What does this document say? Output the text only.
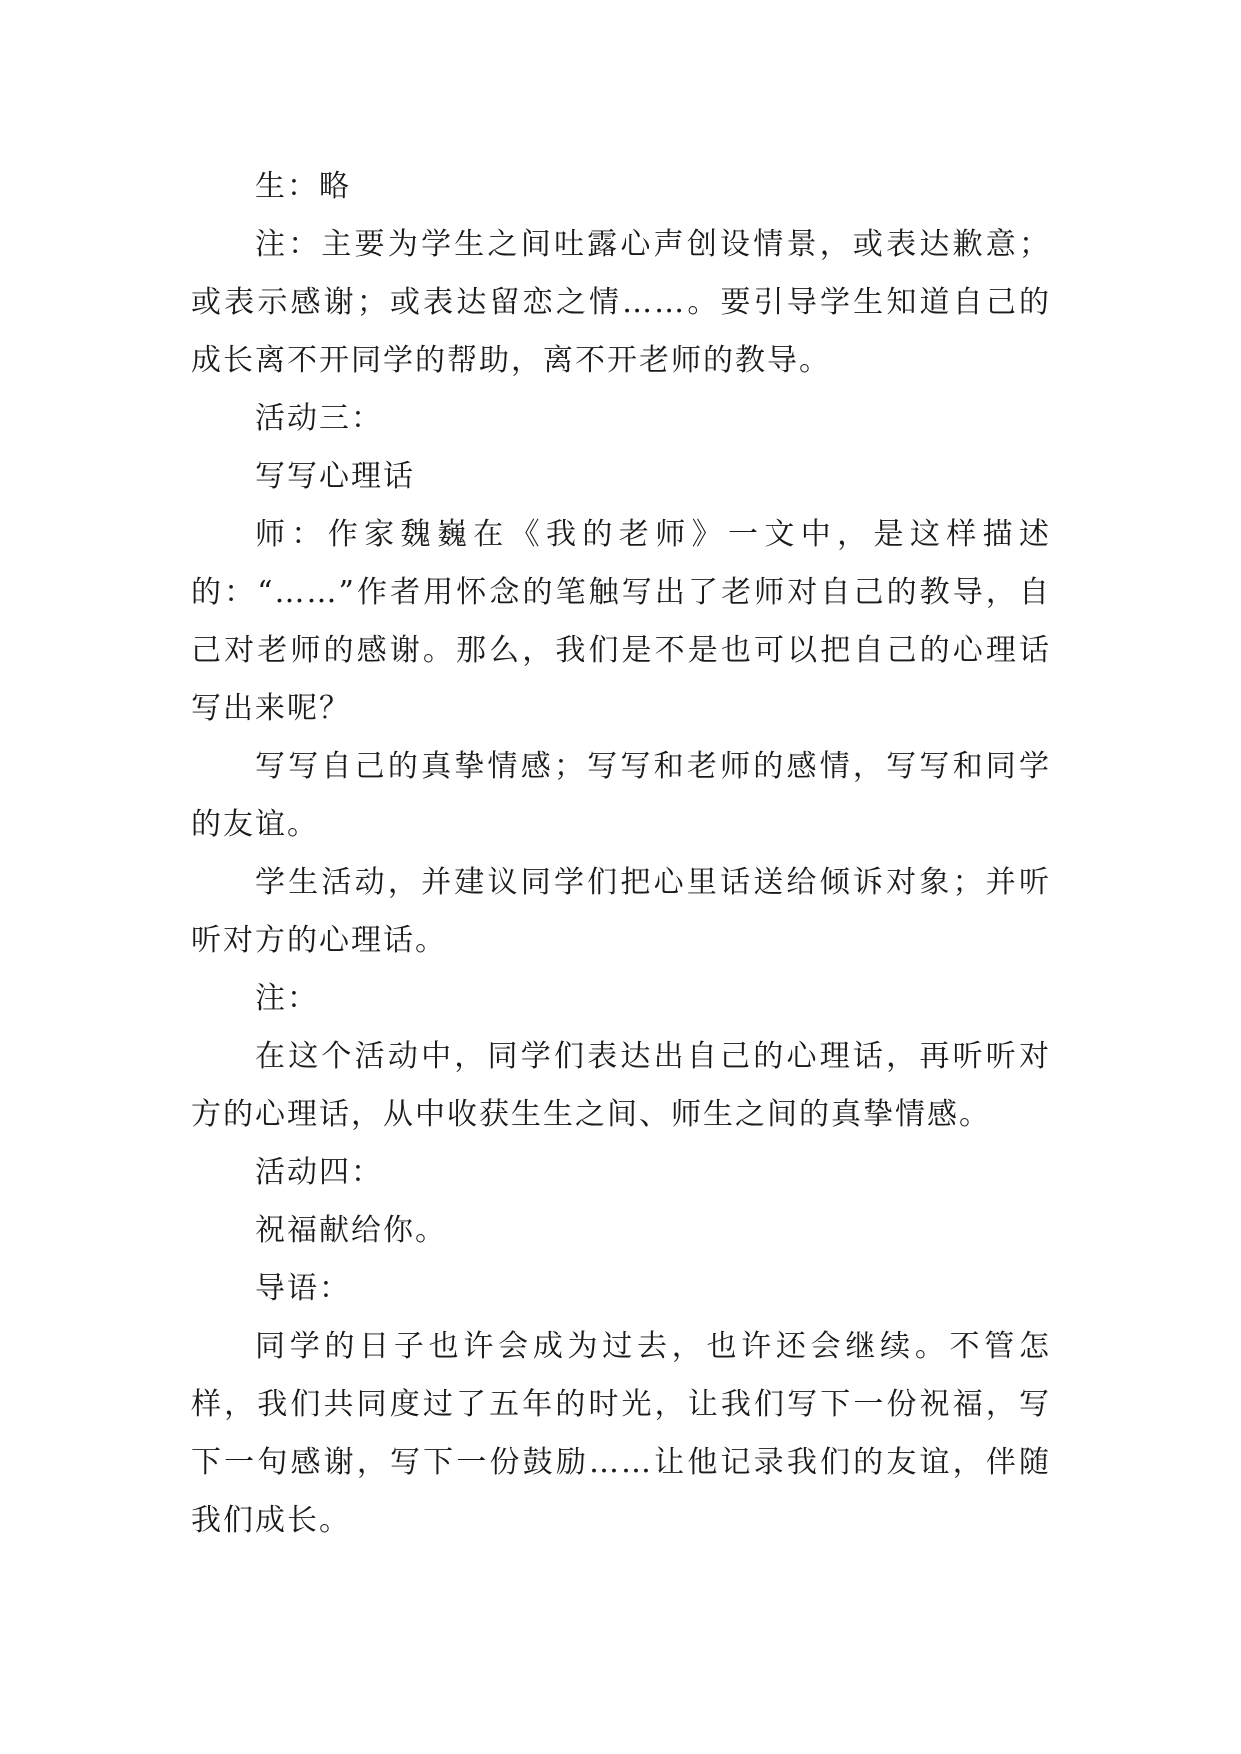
生：略

注：主要为学生之间吐露心声创设情景，或表达歉意；或表示感谢；或表达留恋之情……。要引导学生知道自己的成长离不开同学的帮助，离不开老师的教导。

活动三：

写写心理话

师：作家魏巍在《我的老师》一文中，是这样描述的：“……”作者用怀念的笔触写出了老师对自己的教导，自己对老师的感谢。那么，我们是不是也可以把自己的心理话写出来呢？

写写自己的真挚情感；写写和老师的感情，写写和同学的友谊。

学生活动，并建议同学们把心里话送给倾诉对象；并听听对方的心理话。

注：

在这个活动中，同学们表达出自己的心理话，再听听对方的心理话，从中收获生生之间、师生之间的真挚情感。

活动四：

祝福献给你。

导语：

同学的日子也许会成为过去，也许还会继续。不管怎样，我们共同度过了五年的时光，让我们写下一份祝福，写下一句感谢，写下一份鼓励……让他记录我们的友谊，伴随我们成长。
